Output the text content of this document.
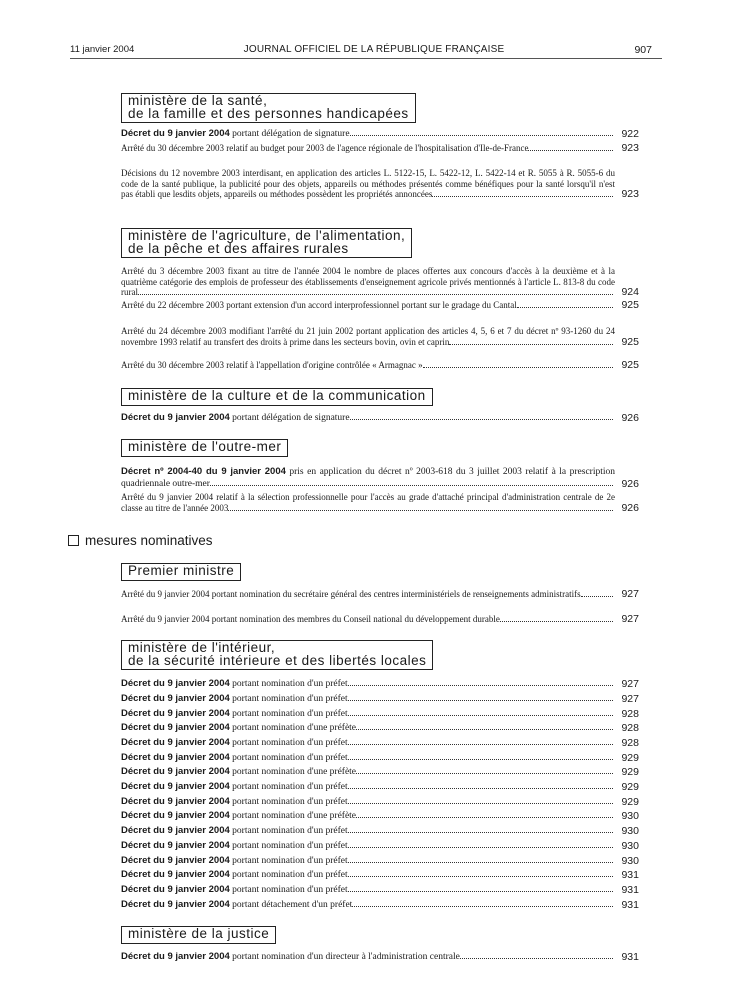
11 janvier 2004	JOURNAL OFFICIEL DE LA RÉPUBLIQUE FRANÇAISE	907
ministère de la santé,
de la famille et des personnes handicapées
ministère de l'agriculture, de l'alimentation,
de la pêche et des affaires rurales
ministère de la culture et de la communication
ministère de l'outre-mer
mesures nominatives
Premier ministre
ministère de l'intérieur,
de la sécurité intérieure et des libertés locales
ministère de la justice
Décret du 9 janvier 2004 portant délégation de signature	922
Arrêté du 30 décembre 2003 relatif au budget pour 2003 de l'agence régionale de l'hospitalisation d'Ile-de-France	923
Décisions du 12 novembre 2003 interdisant, en application des articles L. 5122-15, L. 5422-12, L. 5422-14 et R. 5055 à R. 5055-6 du code de la santé publique, la publicité pour des objets, appareils ou méthodes présentés comme bénéfiques pour la santé lorsqu'il n'est pas établi que lesdits objets, appareils ou méthodes possèdent les propriétés annoncées	923
Arrêté du 3 décembre 2003 fixant au titre de l'année 2004 le nombre de places offertes aux concours d'accès à la deuxième et à la quatrième catégorie des emplois de professeur des établissements d'enseignement agricole privés mentionnés à l'article L. 813-8 du code rural	924
Arrêté du 22 décembre 2003 portant extension d'un accord interprofessionnel portant sur le gradage du Cantal	925
Arrêté du 24 décembre 2003 modifiant l'arrêté du 21 juin 2002 portant application des articles 4, 5, 6 et 7 du décret nº 93-1260 du 24 novembre 1993 relatif au transfert des droits à prime dans les secteurs bovin, ovin et caprin	925
Arrêté du 30 décembre 2003 relatif à l'appellation d'origine contrôlée « Armagnac »	925
Décret du 9 janvier 2004 portant délégation de signature	926
Décret nº 2004-40 du 9 janvier 2004 pris en application du décret nº 2003-618 du 3 juillet 2003 relatif à la prescription quadriennale outre-mer	926
Arrêté du 9 janvier 2004 relatif à la sélection professionnelle pour l'accès au grade d'attaché principal d'administration centrale de 2e classe au titre de l'année 2003	926
Arrêté du 9 janvier 2004 portant nomination du secrétaire général des centres interministériels de renseignements administratifs	927
Arrêté du 9 janvier 2004 portant nomination des membres du Conseil national du développement durable	927
Décret du 9 janvier 2004 portant nomination d'un préfet	927
Décret du 9 janvier 2004 portant nomination d'un préfet	927
Décret du 9 janvier 2004 portant nomination d'un préfet	928
Décret du 9 janvier 2004 portant nomination d'une préfète	928
Décret du 9 janvier 2004 portant nomination d'un préfet	928
Décret du 9 janvier 2004 portant nomination d'un préfet	929
Décret du 9 janvier 2004 portant nomination d'une préfète	929
Décret du 9 janvier 2004 portant nomination d'un préfet	929
Décret du 9 janvier 2004 portant nomination d'un préfet	929
Décret du 9 janvier 2004 portant nomination d'une préfète	930
Décret du 9 janvier 2004 portant nomination d'un préfet	930
Décret du 9 janvier 2004 portant nomination d'un préfet	930
Décret du 9 janvier 2004 portant nomination d'un préfet	930
Décret du 9 janvier 2004 portant nomination d'un préfet	931
Décret du 9 janvier 2004 portant nomination d'un préfet	931
Décret du 9 janvier 2004 portant détachement d'un préfet	931
Décret du 9 janvier 2004 portant nomination d'un directeur à l'administration centrale	931
